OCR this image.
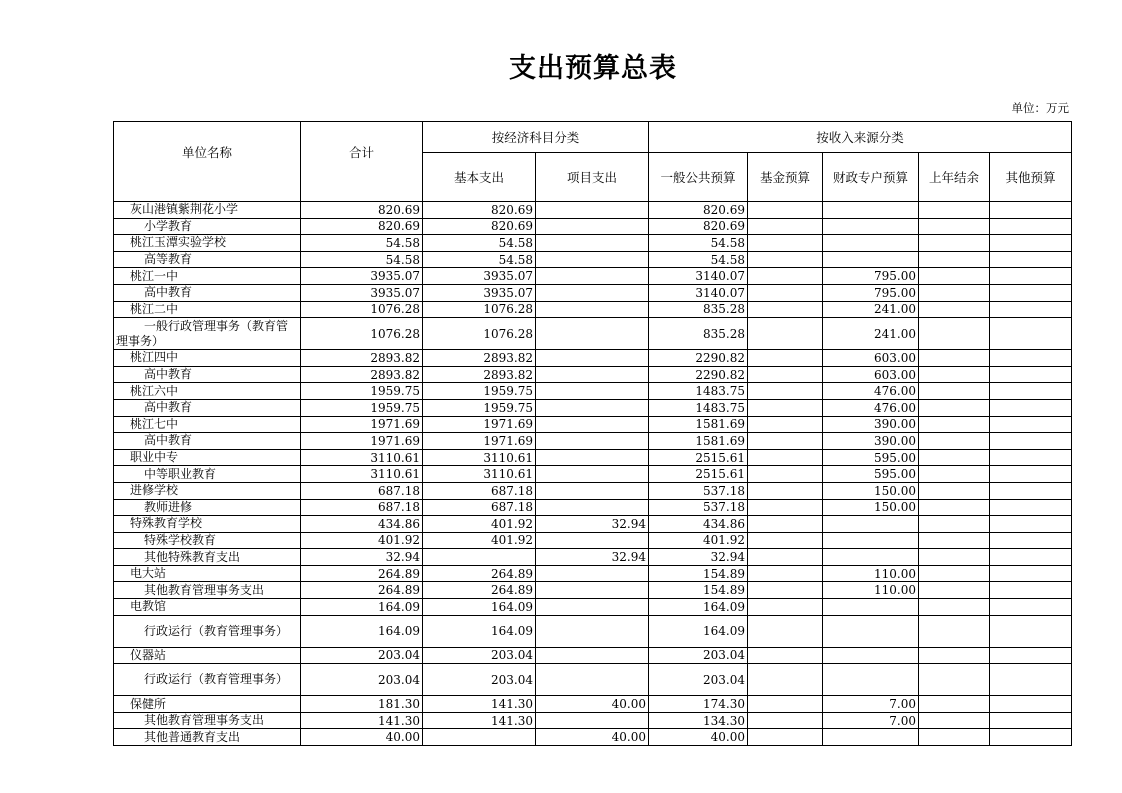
支出预算总表
单位：万元
单位名称	合计	按经济科目分类		按收入来源分类				
		基本支出	项目支出	一般公共预算	基金预算	财政专户预算	上年结余	其他预算
灰山港镇紫荆花小学	820.69	820.69		820.69				
小学教育	820.69	820.69		820.69				
桃江玉潭实验学校	54.58	54.58		54.58				
高等教育	54.58	54.58		54.58				
桃江一中	3935.07	3935.07		3140.07		795.00		
高中教育	3935.07	3935.07		3140.07		795.00		
桃江二中	1076.28	1076.28		835.28		241.00		
一般行政管理事务（教育管理事务）	1076.28	1076.28		835.28		241.00		
桃江四中	2893.82	2893.82		2290.82		603.00		
高中教育	2893.82	2893.82		2290.82		603.00		
桃江六中	1959.75	1959.75		1483.75		476.00		
高中教育	1959.75	1959.75		1483.75		476.00		
桃江七中	1971.69	1971.69		1581.69		390.00		
高中教育	1971.69	1971.69		1581.69		390.00		
职业中专	3110.61	3110.61		2515.61		595.00		
中等职业教育	3110.61	3110.61		2515.61		595.00		
进修学校	687.18	687.18		537.18		150.00		
教师进修	687.18	687.18		537.18		150.00		
特殊教育学校	434.86	401.92	32.94	434.86				
特殊学校教育	401.92	401.92		401.92				
其他特殊教育支出	32.94		32.94	32.94				
电大站	264.89	264.89		154.89		110.00		
其他教育管理事务支出	264.89	264.89		154.89		110.00		
电教馆	164.09	164.09		164.09				
行政运行（教育管理事务）	164.09	164.09		164.09				
仪器站	203.04	203.04		203.04				
行政运行（教育管理事务）	203.04	203.04		203.04				
保健所	181.30	141.30	40.00	174.30		7.00		
其他教育管理事务支出	141.30	141.30		134.30		7.00		
其他普通教育支出	40.00		40.00	40.00				
